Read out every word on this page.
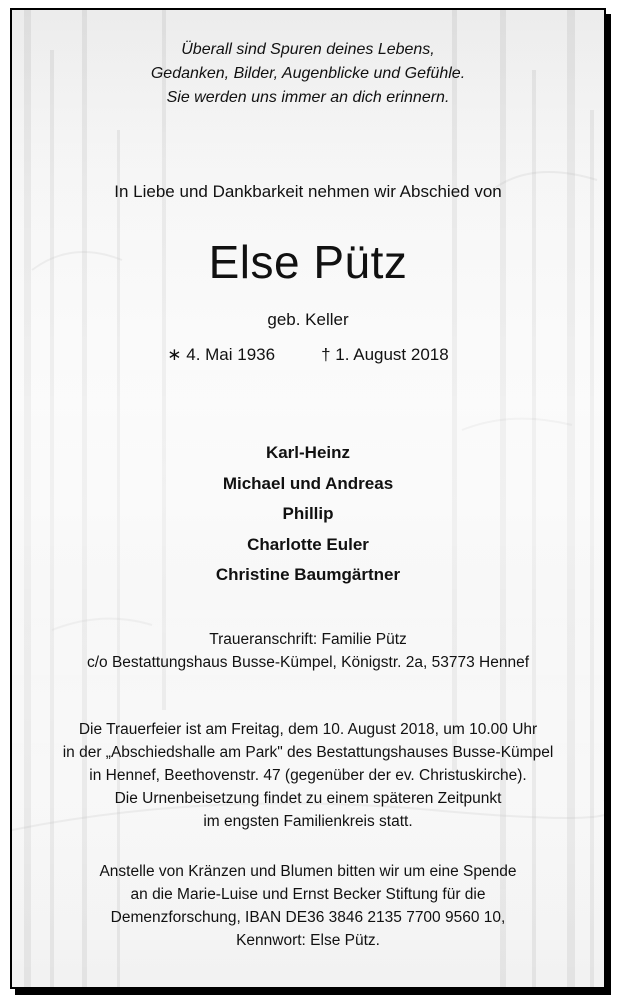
Überall sind Spuren deines Lebens,
Gedanken, Bilder, Augenblicke und Gefühle.
Sie werden uns immer an dich erinnern.
In Liebe und Dankbarkeit nehmen wir Abschied von
Else Pütz
geb. Keller
∗ 4. Mai 1936	† 1. August 2018
Karl-Heinz
Michael und Andreas
Phillip
Charlotte Euler
Christine Baumgärtner
Traueranschrift: Familie Pütz
c/o Bestattungshaus Busse-Kümpel, Königstr. 2a, 53773 Hennef
Die Trauerfeier ist am Freitag, dem 10. August 2018, um 10.00 Uhr
in der „Abschiedshalle am Park" des Bestattungshauses Busse-Kümpel
in Hennef, Beethovenstr. 47 (gegenüber der ev. Christuskirche).
Die Urnenbeisetzung findet zu einem späteren Zeitpunkt
im engsten Familienkreis statt.
Anstelle von Kränzen und Blumen bitten wir um eine Spende
an die Marie-Luise und Ernst Becker Stiftung für die
Demenzforschung, IBAN DE36 3846 2135 7700 9560 10,
Kennwort: Else Pütz.
